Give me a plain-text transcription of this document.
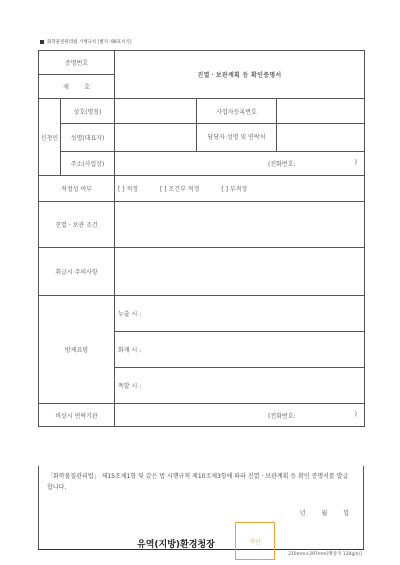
화학물질관리법 시행규칙 [별지 제8호서식]
증명번호		진열ㆍ보관계획 등 확인증명서		
제        호				
신청인	상호(명칭)		사업자등록번호	
	성명(대표자)		담당자 성명 및 연락처	
	주소(사업장)	(전화번호: )		

적정성 여부		[ ] 적정 [ ] 조건부 적정 [ ] 부적정		
진열ㆍ보관 조건				
취급시 주의사항				
방제요령		누출 시 :		
		화재 시 :		
		폭발 시 :		
비상시 연락기관		(전화번호: )		
「화학물질관리법」 제15조제1항 및 같은 법 시행규칙 제10조제3항에 따라 진열ㆍ보관계획 등 확인 증명서를 발급합니다.
년 월 일
유역(지방)환경청장	직인
210mm×297mm[백상지 120g/㎡]
